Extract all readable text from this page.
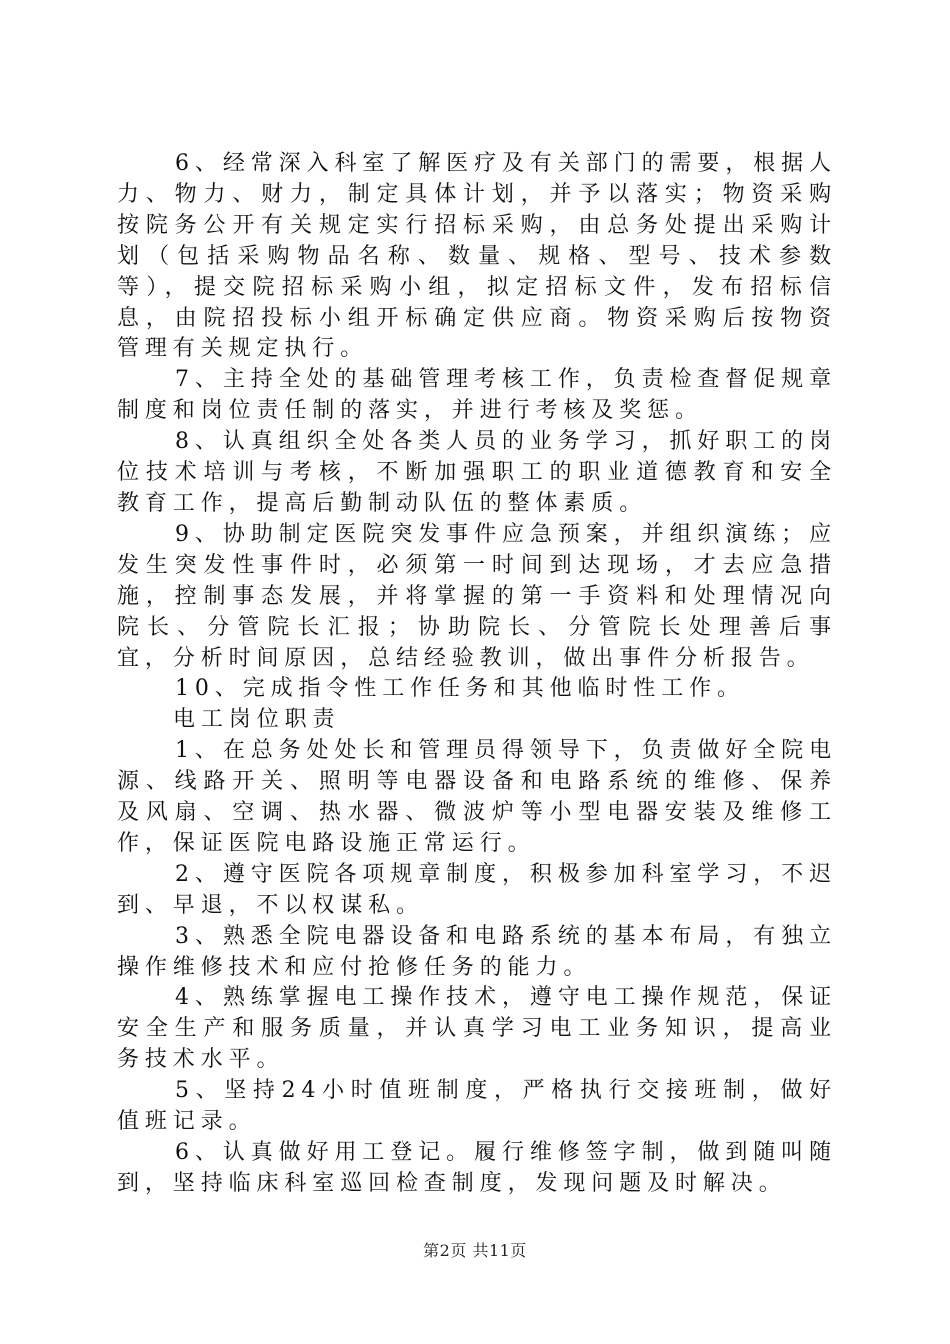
6、经常深入科室了解医疗及有关部门的需要，根据人力、物力、财力，制定具体计划，并予以落实；物资采购按院务公开有关规定实行招标采购，由总务处提出采购计划（包括采购物品名称、数量、规格、型号、技术参数等），提交院招标采购小组，拟定招标文件，发布招标信息，由院招投标小组开标确定供应商。物资采购后按物资管理有关规定执行。

7、主持全处的基础管理考核工作，负责检查督促规章制度和岗位责任制的落实，并进行考核及奖惩。

8、认真组织全处各类人员的业务学习，抓好职工的岗位技术培训与考核，不断加强职工的职业道德教育和安全教育工作，提高后勤制动队伍的整体素质。

9、协助制定医院突发事件应急预案，并组织演练；应发生突发性事件时，必须第一时间到达现场，才去应急措施，控制事态发展，并将掌握的第一手资料和处理情况向院长、分管院长汇报；协助院长、分管院长处理善后事宜，分析时间原因，总结经验教训，做出事件分析报告。

10、完成指令性工作任务和其他临时性工作。

电工岗位职责

1、在总务处处长和管理员得领导下，负责做好全院电源、线路开关、照明等电器设备和电路系统的维修、保养及风扇、空调、热水器、微波炉等小型电器安装及维修工作，保证医院电路设施正常运行。

2、遵守医院各项规章制度，积极参加科室学习，不迟到、早退，不以权谋私。

3、熟悉全院电器设备和电路系统的基本布局，有独立操作维修技术和应付抢修任务的能力。

4、熟练掌握电工操作技术，遵守电工操作规范，保证安全生产和服务质量，并认真学习电工业务知识，提高业务技术水平。

5、坚持24小时值班制度，严格执行交接班制，做好值班记录。

6、认真做好用工登记。履行维修签字制，做到随叫随到，坚持临床科室巡回检查制度，发现问题及时解决。

第2页 共11页
